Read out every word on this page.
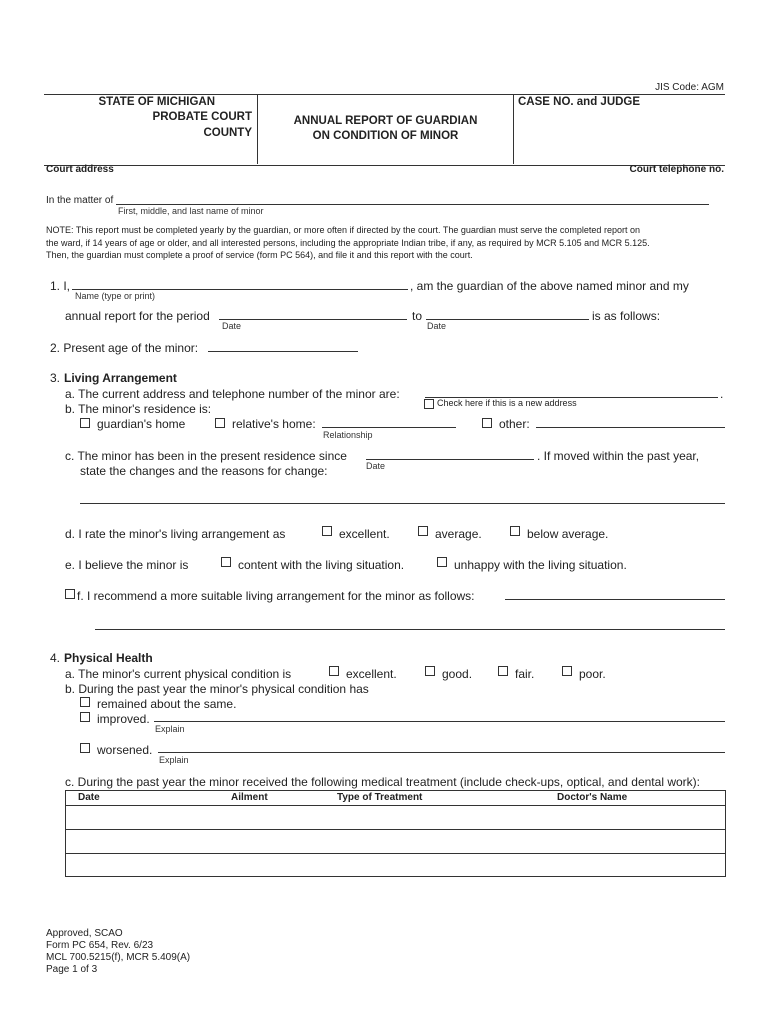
JIS Code: AGM
STATE OF MICHIGAN
PROBATE COURT
COUNTY
ANNUAL REPORT OF GUARDIAN
ON CONDITION OF MINOR
CASE NO. and JUDGE
Court address	Court telephone no.
In the matter of
First, middle, and last name of minor
NOTE: This report must be completed yearly by the guardian, or more often if directed by the court. The guardian must serve the completed report on
the ward, if 14 years of age or older, and all interested persons, including the appropriate Indian tribe, if any, as required by MCR 5.105 and MCR 5.125.
Then, the guardian must complete a proof of service (form PC 564), and file it and this report with the court.
1. I,	, am the guardian of the above named minor and my
Name (type or print)
annual report for the period
Date
to
Date
is as follows:
2. Present age of the minor:
3. Living Arrangement
a. The current address and telephone number of the minor are:	.
Check here if this is a new address
b. The minor's residence is:
guardian's home	relative's home:
Relationship
other:
c. The minor has been in the present residence since
Date
. If moved within the past year,
state the changes and the reasons for change:
d. I rate the minor's living arrangement as	excellent.	average.	below average.
e. I believe the minor is	content with the living situation.	unhappy with the living situation.
f. I recommend a more suitable living arrangement for the minor as follows:
4. Physical Health
a. The minor's current physical condition is	excellent.	good.	fair.	poor.
b. During the past year the minor's physical condition has
remained about the same.
improved.
Explain
worsened.
Explain
c. During the past year the minor received the following medical treatment (include check-ups, optical, and dental work):
Date	Ailment	Type of Treatment	Doctor's Name
Approved, SCAO
Form PC 654, Rev. 6/23
MCL 700.5215(f), MCR 5.409(A)
Page 1 of 3
